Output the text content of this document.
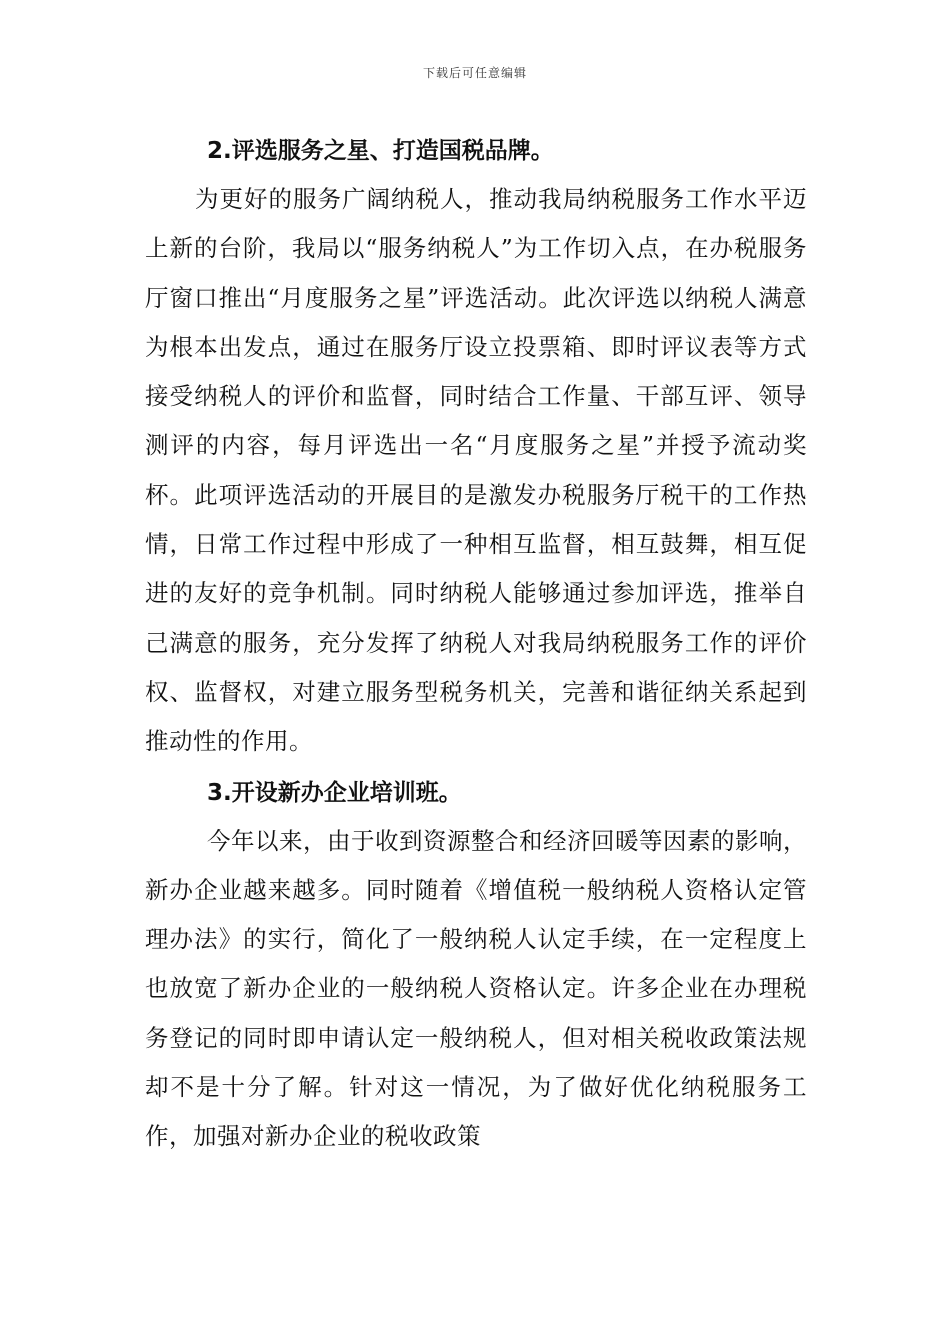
下载后可任意编辑
2.评选服务之星、打造国税品牌。

为更好的服务广阔纳税人，推动我局纳税服务工作水平迈上新的台阶，我局以“服务纳税人”为工作切入点，在办税服务厅窗口推出“月度服务之星”评选活动。此次评选以纳税人满意为根本出发点，通过在服务厅设立投票箱、即时评议表等方式接受纳税人的评价和监督，同时结合工作量、干部互评、领导测评的内容，每月评选出一名“月度服务之星”并授予流动奖杯。此项评选活动的开展目的是激发办税服务厅税干的工作热情，日常工作过程中形成了一种相互监督，相互鼓舞，相互促进的友好的竞争机制。同时纳税人能够通过参加评选，推举自己满意的服务，充分发挥了纳税人对我局纳税服务工作的评价权、监督权，对建立服务型税务机关，完善和谐征纳关系起到推动性的作用。

3.开设新办企业培训班。

今年以来，由于收到资源整合和经济回暖等因素的影响，新办企业越来越多。同时随着《增值税一般纳税人资格认定管理办法》的实行，简化了一般纳税人认定手续，在一定程度上也放宽了新办企业的一般纳税人资格认定。许多企业在办理税务登记的同时即申请认定一般纳税人，但对相关税收政策法规却不是十分了解。针对这一情况，为了做好优化纳税服务工作，加强对新办企业的税收政策
